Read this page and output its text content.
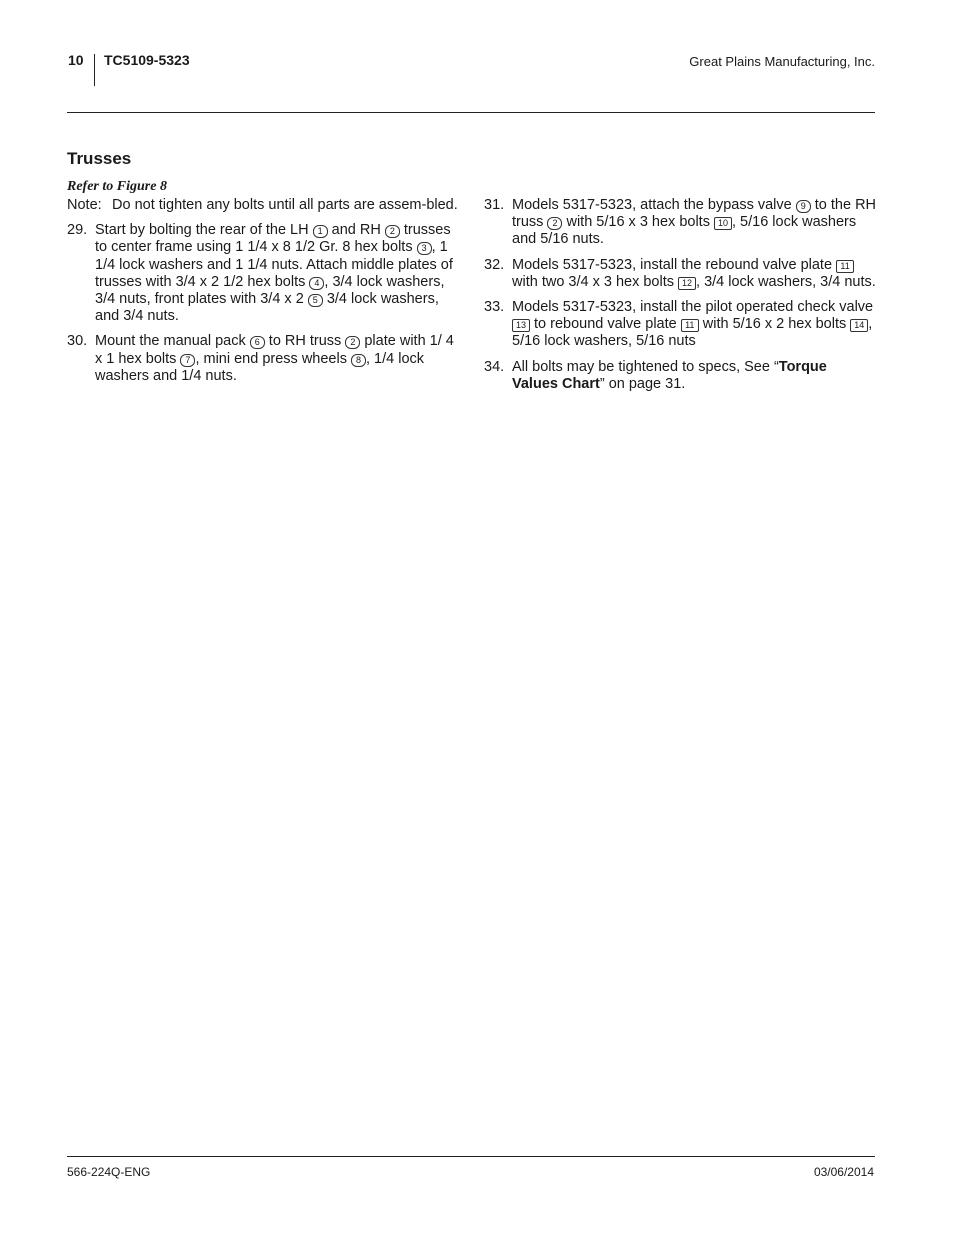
10 TC5109-5323	Great Plains Manufacturing, Inc.
Trusses
Refer to Figure 8
Note: Do not tighten any bolts until all parts are assem-bled.
29. Start by bolting the rear of the LH 1 and RH 2 trusses to center frame using 1 1/4 x 8 1/2 Gr. 8 hex bolts 3 , 1 1/4 lock washers and 1 1/4 nuts. Attach middle plates of trusses with 3/4 x 2 1/2 hex bolts 4 , 3/4 lock washers, 3/4 nuts, front plates with 3/4 x 2 5 3/4 lock washers, and 3/4 nuts.
30. Mount the manual pack 6 to RH truss 2 plate with 1/ 4 x 1 hex bolts 7 , mini end press wheels 8 , 1/4 lock washers and 1/4 nuts.
31. Models 5317-5323, attach the bypass valve 9 to the RH truss 2 with 5/16 x 3 hex bolts 10 , 5/16 lock washers and 5/16 nuts.
32. Models 5317-5323, install the rebound valve plate 11 with two 3/4 x 3 hex bolts 12 , 3/4 lock washers, 3/4 nuts.
33. Models 5317-5323, install the pilot operated check valve 13 to rebound valve plate 11 with 5/16 x 2 hex bolts 14 , 5/16 lock washers, 5/16 nuts
34. All bolts may be tightened to specs, See “Torque Values Chart” on page 31.
566-224Q-ENG	03/06/2014
